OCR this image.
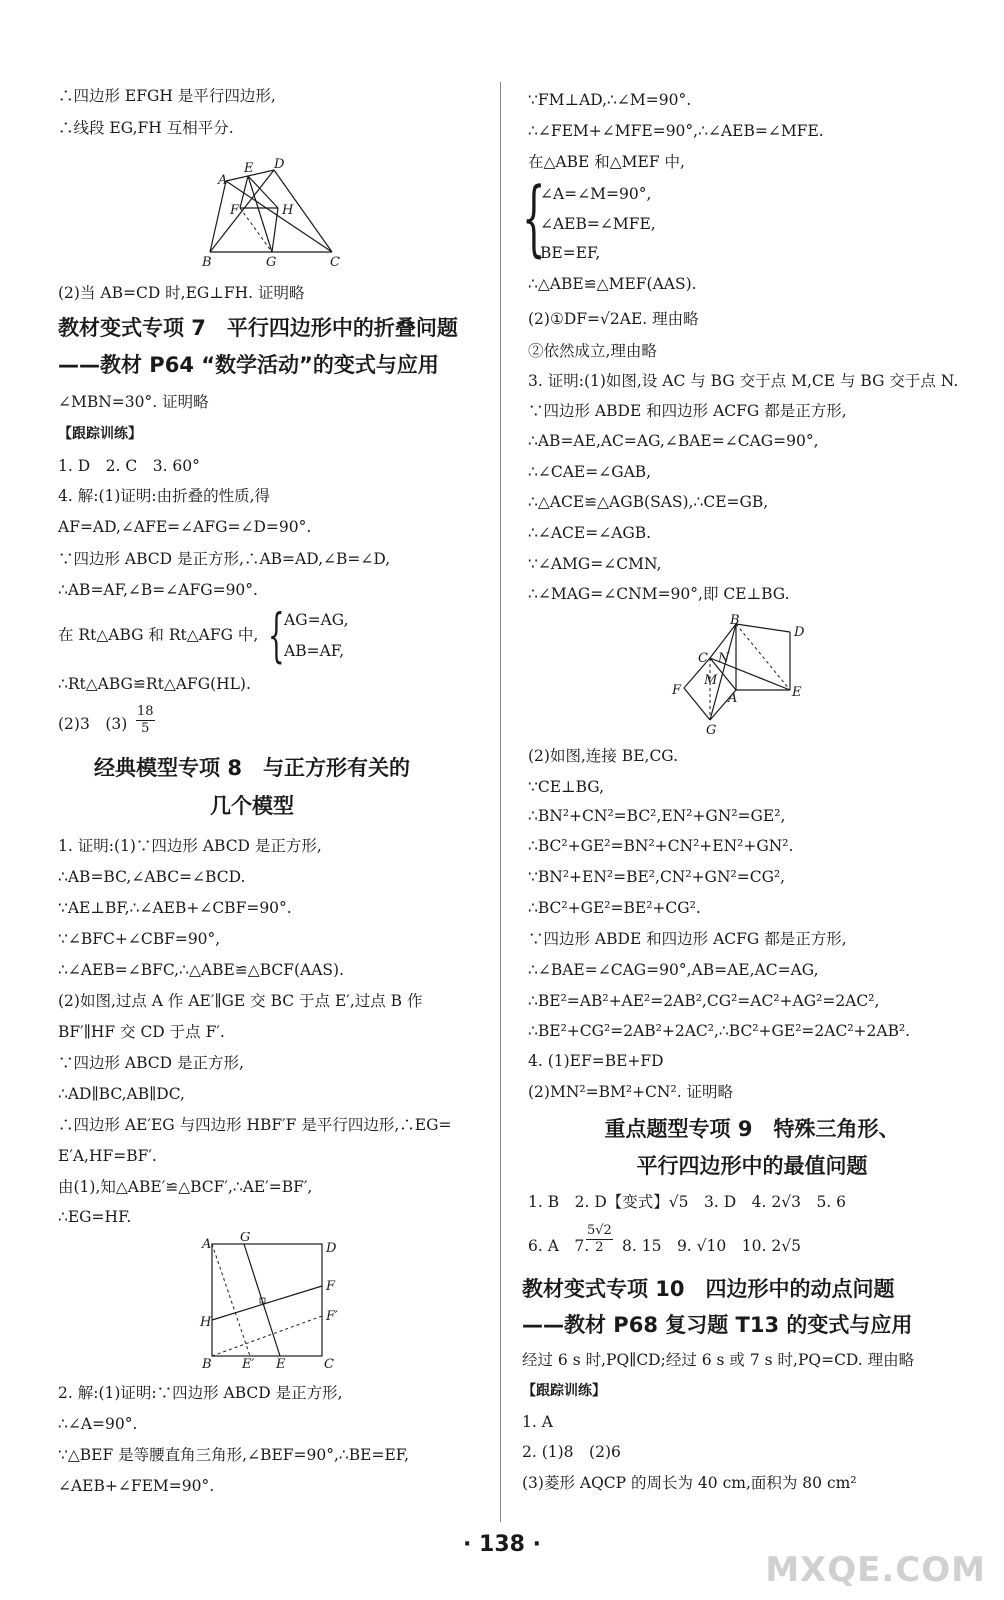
∴四边形 EFGH 是平行四边形,
∴线段 EG,FH 互相平分.
A
E D
F	H
B	G	C
(2)当 AB=CD 时,EG⊥FH. 证明略
教材变式专项 7　平行四边形中的折叠问题
——教材 P64 “数学活动”的变式与应用
∠MBN=30°. 证明略
【跟踪训练】
1. D　2. C　3. 60°
4. 解:(1)证明:由折叠的性质,得
AF=AD,∠AFE=∠AFG=∠D=90°.
∵四边形 ABCD 是正方形,∴AB=AD,∠B=∠D,
∴AB=AF,∠B=∠AFG=90°.
在 Rt△ABG 和 Rt△AFG 中, { AG=AG,
AB=AF,
∴Rt△ABG≌Rt△AFG(HL).
(2)3　$(3) \frac{18}{5}$
经典模型专项 8　与正方形有关的
几个模型
1. 证明:(1)∵四边形 ABCD 是正方形,
∴AB=BC,∠ABC=∠BCD.
∵AE⊥BF,∴∠AEB+∠CBF=90°.
∵∠BFC+∠CBF=90°,
∴∠AEB=∠BFC,∴△ABE≌△BCF(AAS).
(2)如图,过点 A 作 AE′∥GE 交 BC 于点 E′,过点 B 作
BF′∥HF 交 CD 于点 F′.
∵四边形 ABCD 是正方形,
∴AD∥BC,AB∥DC,
∴四边形 AE′EG 与四边形 HBF′F 是平行四边形,∴EG=
E′A,HF=BF′.
由(1),知△ABE′≌△BCF′,∴AE′=BF′,
∴EG=HF.
A G
D
F
F′
H
B E′ E	C
2. 解:(1)证明:∵四边形 ABCD 是正方形,
∴∠A=90°.
∵△BEF 是等腰直角三角形,∠BEF=90°,∴BE=EF,
∠AEB+∠FEM=90°.
∵FM⊥AD,∴∠M=90°.
∴∠FEM+∠MFE=90°,∴∠AEB=∠MFE.
在△ABE 和△MEF 中,
{
∠A=∠M=90°,
∠AEB=∠MFE,
BE=EF,
∴△ABE≌△MEF(AAS).
(2)①DF=√2AE. 理由略
②依然成立,理由略
3. 证明:(1)如图,设 AC 与 BG 交于点 M,CE 与 BG 交于点 N.
∵四边形 ABDE 和四边形 ACFG 都是正方形,
∴AB=AE,AC=AG,∠BAE=∠CAG=90°,
∴∠CAE=∠GAB,
∴△ACE≌△AGB(SAS),∴CE=GB,
∴∠ACE=∠AGB.
∵∠AMG=∠CMN,
∴∠MAG=∠CNM=90°,即 CE⊥BG.
B
D
C N
M
A
F	E
G
(2)如图,连接 BE,CG.
∵CE⊥BG,
∴BN²+CN²=BC²,EN²+GN²=GE²,
∴BC²+GE²=BN²+CN²+EN²+GN².
∵BN²+EN²=BE²,CN²+GN²=CG²,
∴BC²+GE²=BE²+CG².
∵四边形 ABDE 和四边形 ACFG 都是正方形,
∴∠BAE=∠CAG=90°,AB=AE,AC=AG,
∴BE²=AB²+AE²=2AB²,CG²=AC²+AG²=2AC²,
∴BE²+CG²=2AB²+2AC²,∴BC²+GE²=2AC²+2AB².
4. (1)EF=BE+FD
(2)MN²=BM²+CN². 证明略
重点题型专项 9　特殊三角形、
平行四边形中的最值问题
1. B　2. D【变式】√5　3. D　4. 2√3　5. 6
6. A　7.
$\frac{5√2}{2} 8$. 15　9. √10　10. 2√5
教材变式专项 10　四边形中的动点问题
——教材 P68 复习题 T13 的变式与应用
经过 6 s 时,PQ∥CD;经过 6 s 或 7 s 时,PQ=CD. 理由略
【跟踪训练】
1. A
2. (1)8　(2)6
(3)菱形 AQCP 的周长为 40 cm,面积为 80 cm²
· 138 ·
MXQE.COM
